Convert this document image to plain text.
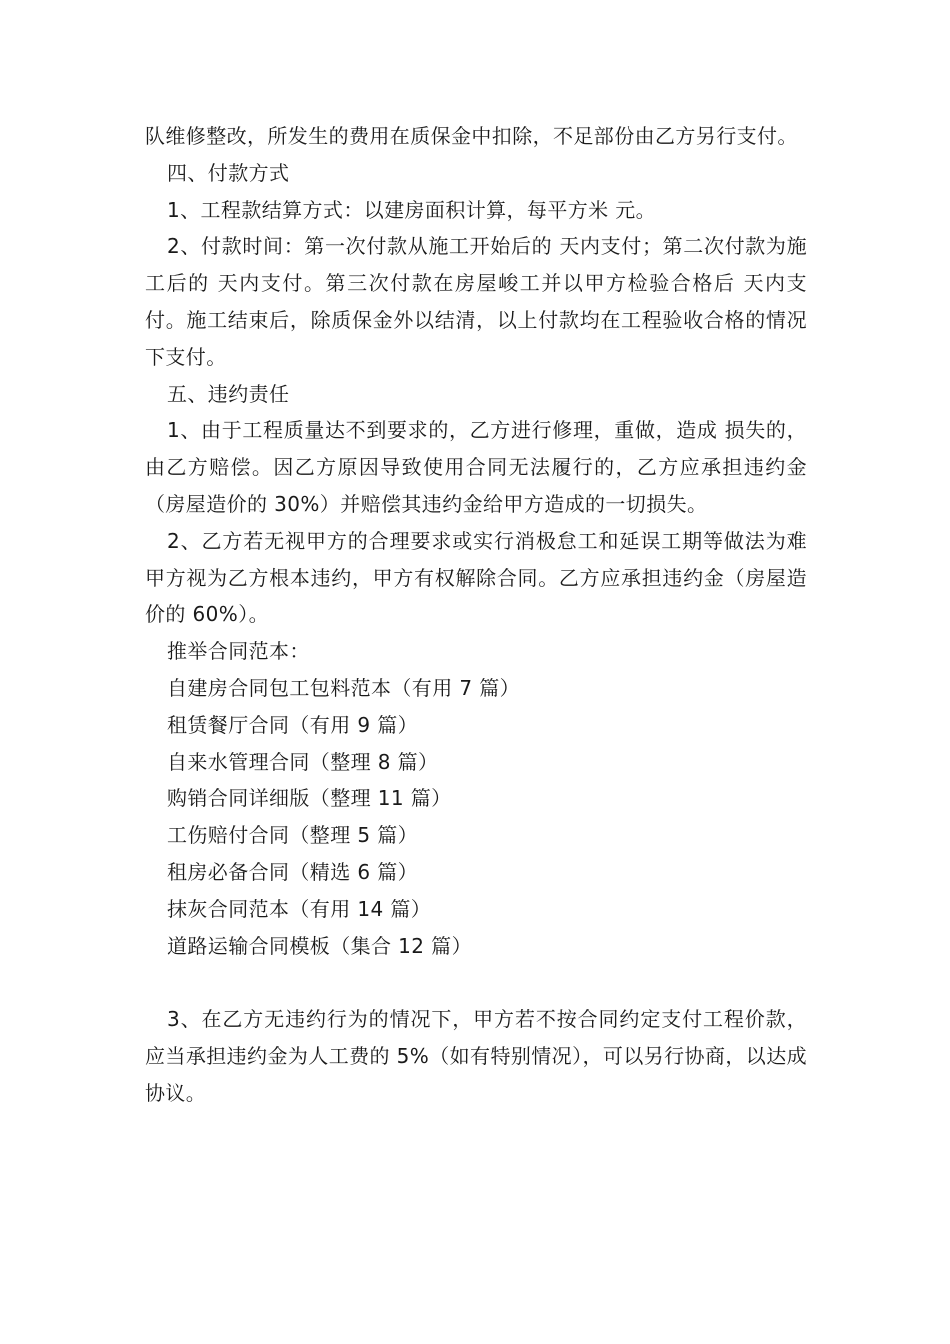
队维修整改，所发生的费用在质保金中扣除，不足部份由乙方另行支付。

四、付款方式

1、工程款结算方式：以建房面积计算，每平方米 元。

2、付款时间：第一次付款从施工开始后的 天内支付；第二次付款为施工后的 天内支付。第三次付款在房屋峻工并以甲方检验合格后 天内支付。施工结束后，除质保金外以结清，以上付款均在工程验收合格的情况下支付。

五、违约责任

1、由于工程质量达不到要求的，乙方进行修理，重做，造成 损失的，由乙方赔偿。因乙方原因导致使用合同无法履行的，乙方应承担违约金（房屋造价的 30%）并赔偿其违约金给甲方造成的一切损失。

2、乙方若无视甲方的合理要求或实行消极怠工和延误工期等做法为难甲方视为乙方根本违约，甲方有权解除合同。乙方应承担违约金（房屋造价的 60%）。

推举合同范本：

自建房合同包工包料范本（有用 7 篇）

租赁餐厅合同（有用 9 篇）

自来水管理合同（整理 8 篇）

购销合同详细版（整理 11 篇）

工伤赔付合同（整理 5 篇）

租房必备合同（精选 6 篇）

抹灰合同范本（有用 14 篇）

道路运输合同模板（集合 12 篇）

3、在乙方无违约行为的情况下，甲方若不按合同约定支付工程价款，应当承担违约金为人工费的 5%（如有特别情况），可以另行协商，以达成协议。
